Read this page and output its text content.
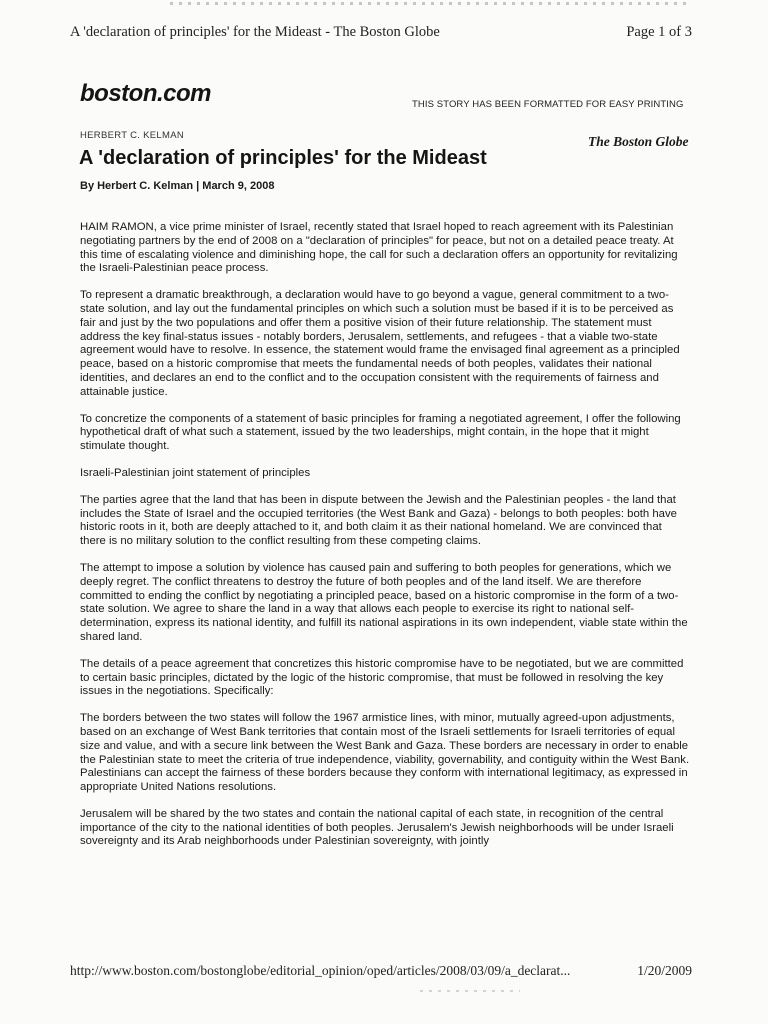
A 'declaration of principles' for the Mideast - The Boston Globe	Page 1 of 3
boston.com	THIS STORY HAS BEEN FORMATTED FOR EASY PRINTING
HERBERT C. KELMAN	The Boston Globe
A 'declaration of principles' for the Mideast
By Herbert C. Kelman | March 9, 2008

HAIM RAMON, a vice prime minister of Israel, recently stated that Israel hoped to reach agreement with its Palestinian negotiating partners by the end of 2008 on a "declaration of principles" for peace, but not on a detailed peace treaty. At this time of escalating violence and diminishing hope, the call for such a declaration offers an opportunity for revitalizing the Israeli-Palestinian peace process.

To represent a dramatic breakthrough, a declaration would have to go beyond a vague, general commitment to a two-state solution, and lay out the fundamental principles on which such a solution must be based if it is to be perceived as fair and just by the two populations and offer them a positive vision of their future relationship. The statement must address the key final-status issues - notably borders, Jerusalem, settlements, and refugees - that a viable two-state agreement would have to resolve. In essence, the statement would frame the envisaged final agreement as a principled peace, based on a historic compromise that meets the fundamental needs of both peoples, validates their national identities, and declares an end to the conflict and to the occupation consistent with the requirements of fairness and attainable justice.

To concretize the components of a statement of basic principles for framing a negotiated agreement, I offer the following hypothetical draft of what such a statement, issued by the two leaderships, might contain, in the hope that it might stimulate thought.

Israeli-Palestinian joint statement of principles

The parties agree that the land that has been in dispute between the Jewish and the Palestinian peoples - the land that includes the State of Israel and the occupied territories (the West Bank and Gaza) - belongs to both peoples: both have historic roots in it, both are deeply attached to it, and both claim it as their national homeland. We are convinced that there is no military solution to the conflict resulting from these competing claims.

The attempt to impose a solution by violence has caused pain and suffering to both peoples for generations, which we deeply regret. The conflict threatens to destroy the future of both peoples and of the land itself. We are therefore committed to ending the conflict by negotiating a principled peace, based on a historic compromise in the form of a two-state solution. We agree to share the land in a way that allows each people to exercise its right to national self-determination, express its national identity, and fulfill its national aspirations in its own independent, viable state within the shared land.

The details of a peace agreement that concretizes this historic compromise have to be negotiated, but we are committed to certain basic principles, dictated by the logic of the historic compromise, that must be followed in resolving the key issues in the negotiations. Specifically:

The borders between the two states will follow the 1967 armistice lines, with minor, mutually agreed-upon adjustments, based on an exchange of West Bank territories that contain most of the Israeli settlements for Israeli territories of equal size and value, and with a secure link between the West Bank and Gaza. These borders are necessary in order to enable the Palestinian state to meet the criteria of true independence, viability, governability, and contiguity within the West Bank. Palestinians can accept the fairness of these borders because they conform with international legitimacy, as expressed in appropriate United Nations resolutions.

Jerusalem will be shared by the two states and contain the national capital of each state, in recognition of the central importance of the city to the national identities of both peoples. Jerusalem's Jewish neighborhoods will be under Israeli sovereignty and its Arab neighborhoods under Palestinian sovereignty, with jointly

http://www.boston.com/bostonglobe/editorial_opinion/oped/articles/2008/03/09/a_declarat...	1/20/2009
